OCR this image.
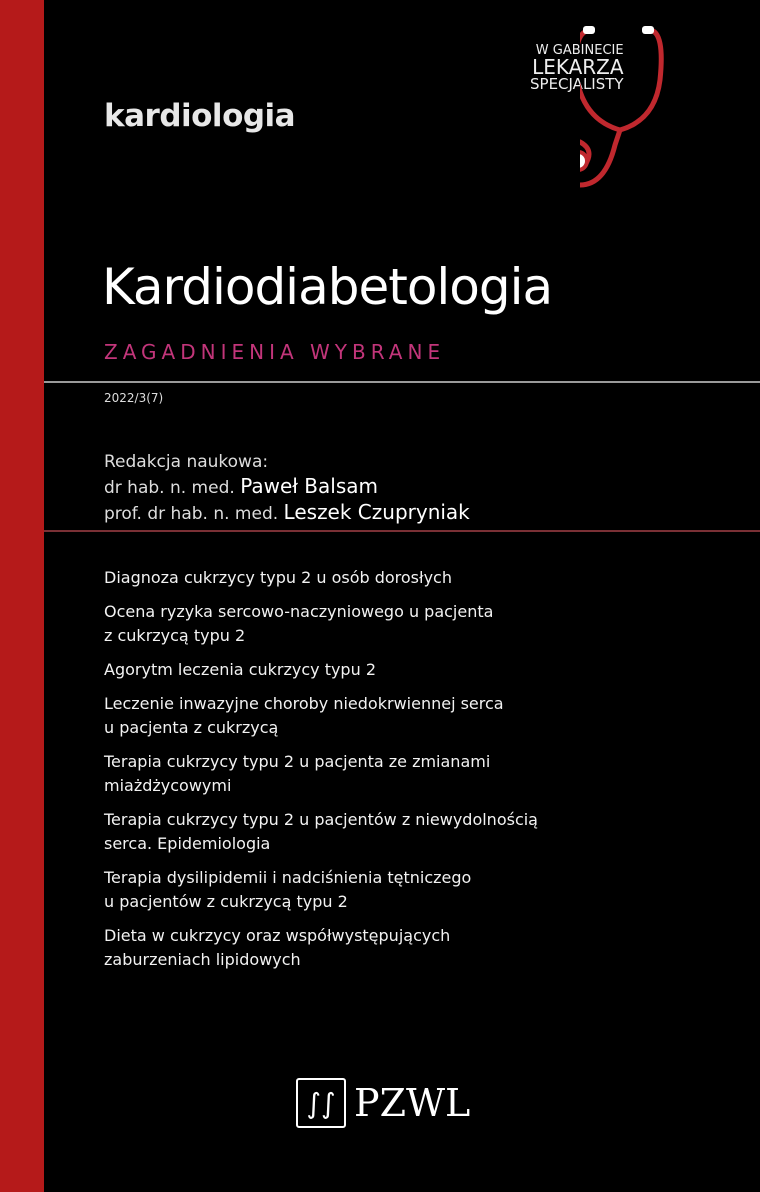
kardiologia
W GABINECIE
LEKARZA
SPECJALISTY
Kardiodiabetologia
ZAGADNIENIA WYBRANE
2022/3(7)
Redakcja naukowa:
dr hab. n. med. Paweł Balsam
prof. dr hab. n. med. Leszek Czupryniak
Diagnoza cukrzycy typu 2 u osób dorosłych
Ocena ryzyka sercowo-naczyniowego u pacjenta
z cukrzycą typu 2
Agorytm leczenia cukrzycy typu 2
Leczenie inwazyjne choroby niedokrwiennej serca
u pacjenta z cukrzycą
Terapia cukrzycy typu 2 u pacjenta ze zmianami
miażdżycowymi
Terapia cukrzycy typu 2 u pacjentów z niewydolnością
serca. Epidemiologia
Terapia dysilipidemii i nadciśnienia tętniczego
u pacjentów z cukrzycą typu 2
Dieta w cukrzycy oraz współwystępujących
zaburzeniach lipidowych
∫∫ PZWL
